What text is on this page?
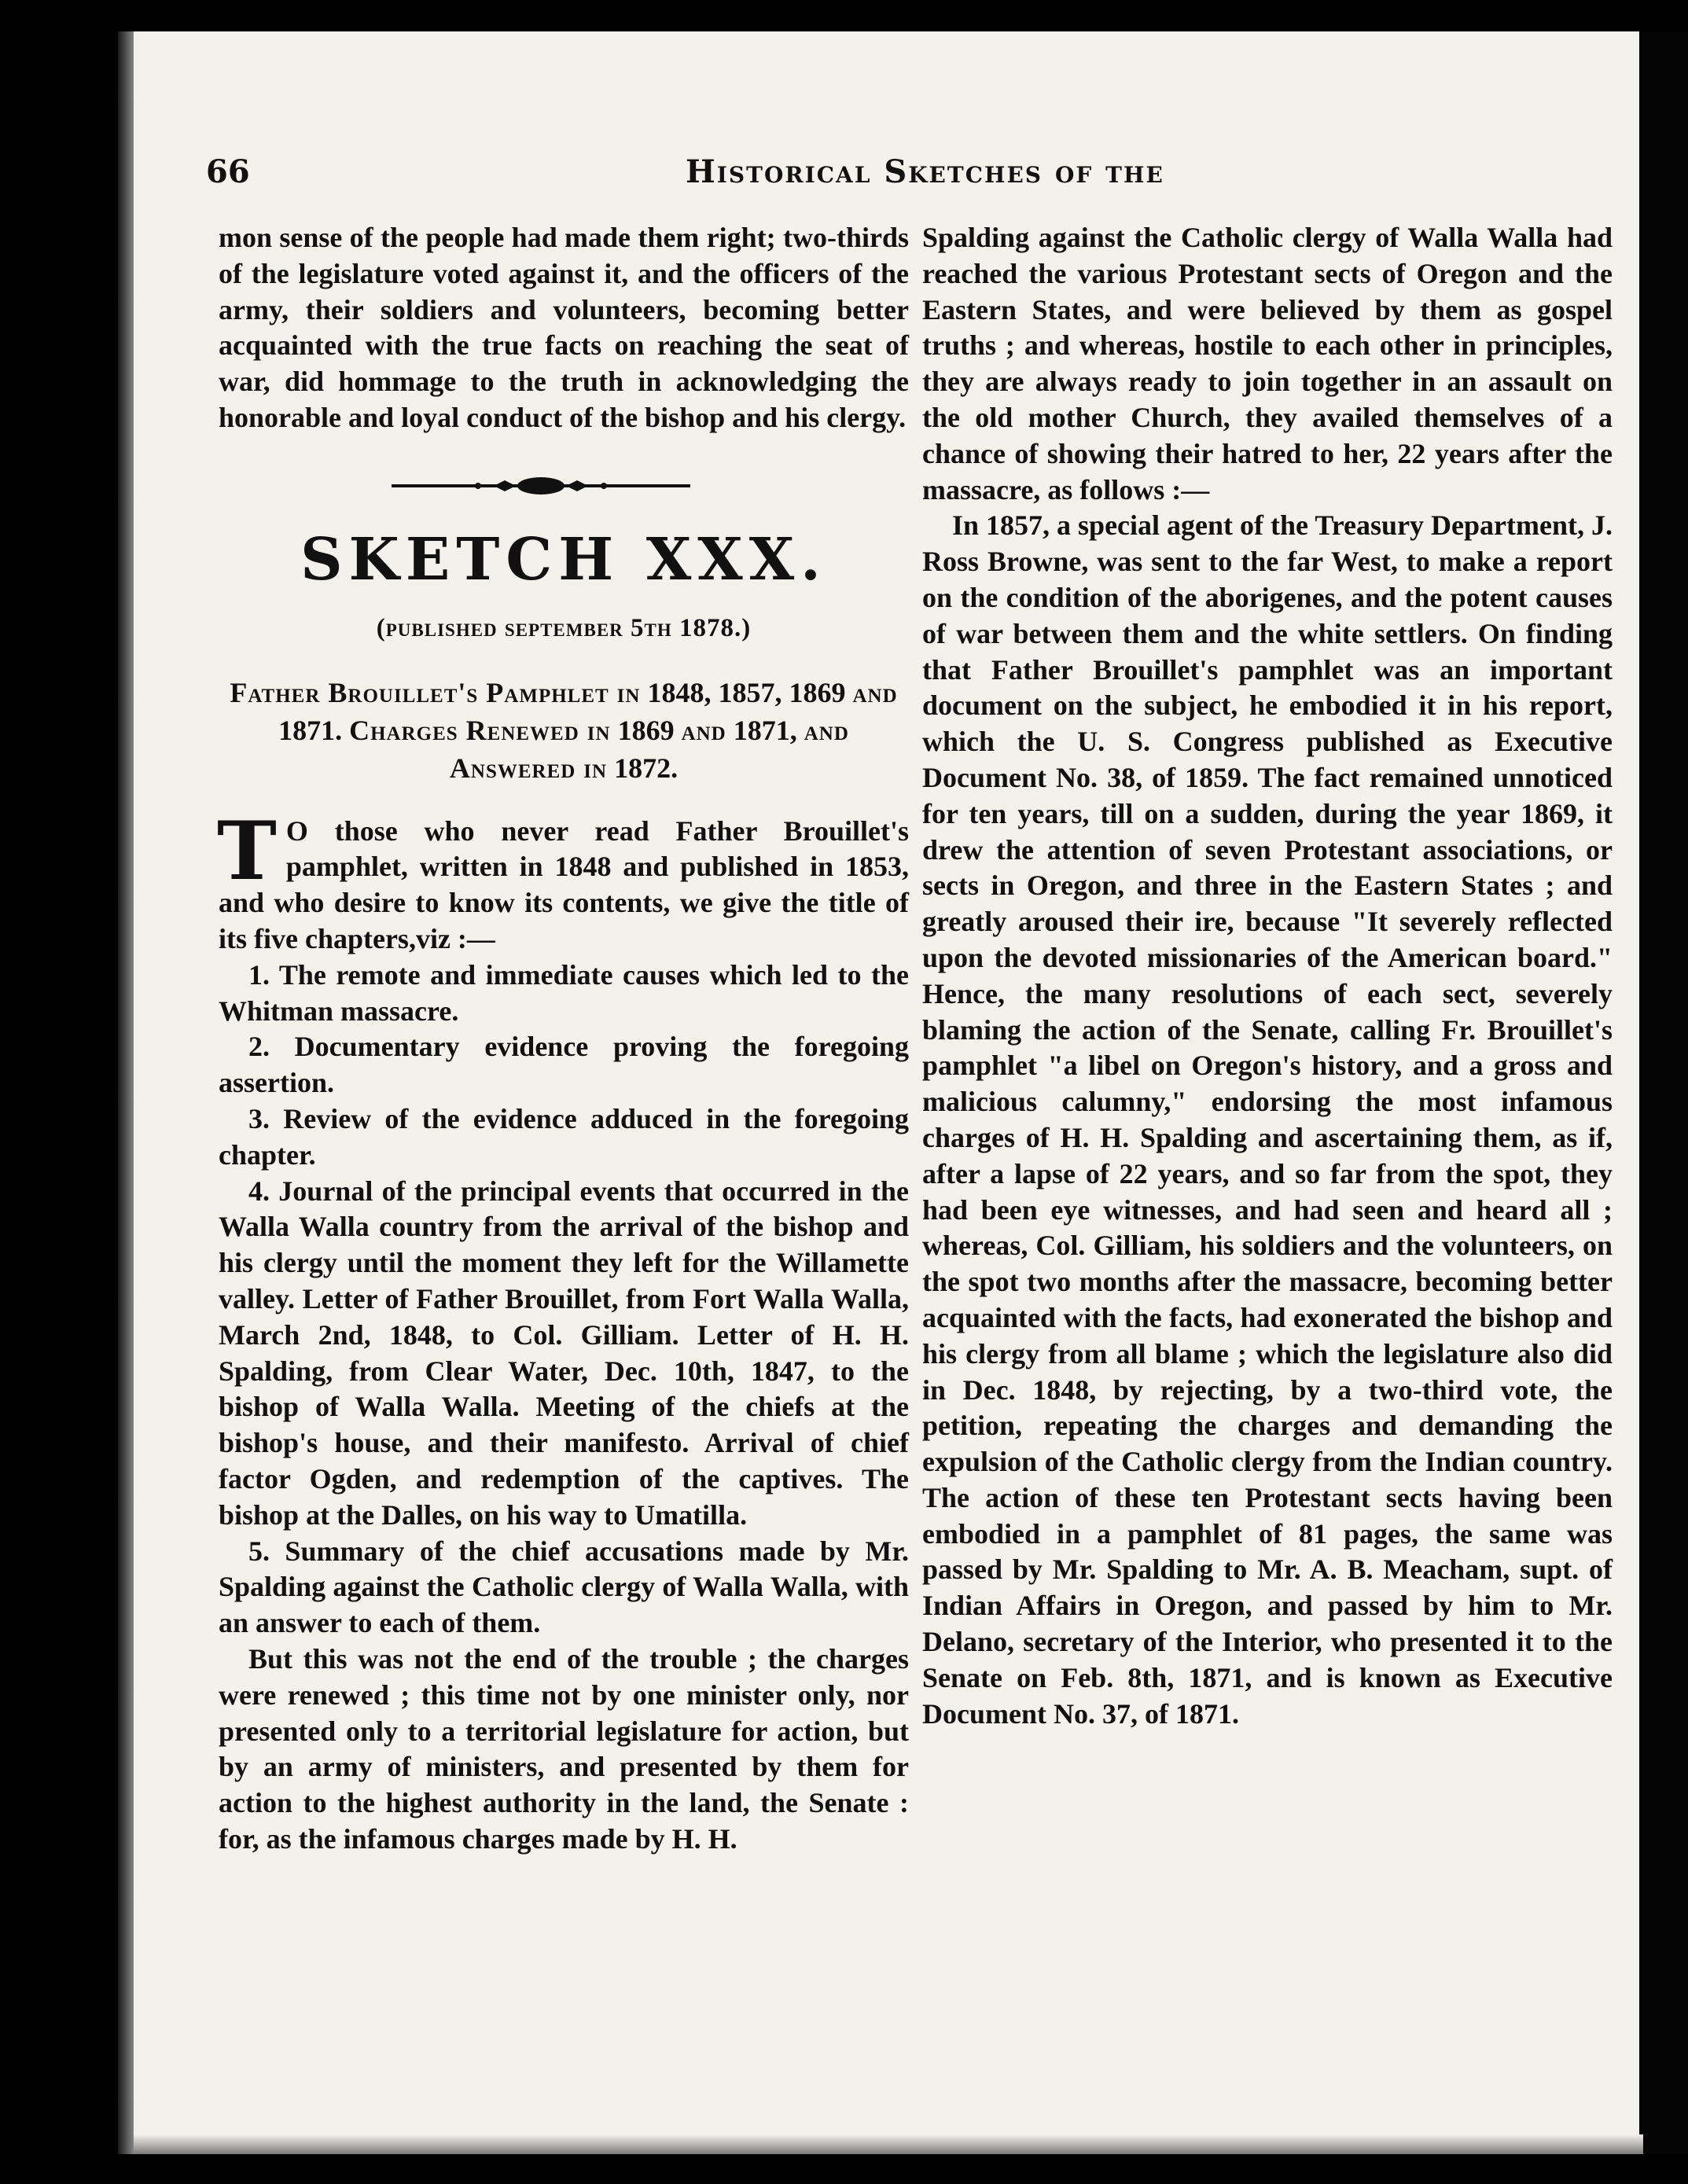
66	Historical Sketches of the

mon sense of the people had made them right; two-thirds of the legislature voted against it, and the officers of the army, their soldiers and volunteers, becoming better acquainted with the true facts on reaching the seat of war, did hommage to the truth in acknowledging the honorable and loyal conduct of the bishop and his clergy.

SKETCH XXX.
(published september 5th 1878.)
Father Brouillet's Pamphlet in 1848, 1857, 1869 and 1871. Charges Renewed in 1869 and 1871, and Answered in 1872.

T O those who never read Father Brouillet's pamphlet, written in 1848 and published in 1853, and who desire to know its contents, we give the title of its five chapters,viz :—

1. The remote and immediate causes which led to the Whitman massacre.

2. Documentary evidence proving the foregoing assertion.

3. Review of the evidence adduced in the foregoing chapter.

4. Journal of the principal events that occurred in the Walla Walla country from the arrival of the bishop and his clergy until the moment they left for the Willamette valley. Letter of Father Brouillet, from Fort Walla Walla, March 2nd, 1848, to Col. Gilliam. Letter of H. H. Spalding, from Clear Water, Dec. 10th, 1847, to the bishop of Walla Walla. Meeting of the chiefs at the bishop's house, and their manifesto. Arrival of chief factor Ogden, and redemption of the captives. The bishop at the Dalles, on his way to Umatilla.

5. Summary of the chief accusations made by Mr. Spalding against the Catholic clergy of Walla Walla, with an answer to each of them.

But this was not the end of the trouble ; the charges were renewed ; this time not by one minister only, nor presented only to a territorial legislature for action, but by an army of ministers, and presented by them for action to the highest authority in the land, the Senate : for, as the infamous charges made by H. H.

Spalding against the Catholic clergy of Walla Walla had reached the various Protestant sects of Oregon and the Eastern States, and were believed by them as gospel truths ; and whereas, hostile to each other in principles, they are always ready to join together in an assault on the old mother Church, they availed themselves of a chance of showing their hatred to her, 22 years after the massacre, as follows :—

In 1857, a special agent of the Treasury Department, J. Ross Browne, was sent to the far West, to make a report on the condition of the aborigenes, and the potent causes of war between them and the white settlers. On finding that Father Brouillet's pamphlet was an important document on the subject, he embodied it in his report, which the U. S. Congress published as Executive Document No. 38, of 1859. The fact remained unnoticed for ten years, till on a sudden, during the year 1869, it drew the attention of seven Protestant associations, or sects in Oregon, and three in the Eastern States ; and greatly aroused their ire, because "It severely reflected upon the devoted missionaries of the American board." Hence, the many resolutions of each sect, severely blaming the action of the Senate, calling Fr. Brouillet's pamphlet "a libel on Oregon's history, and a gross and malicious calumny," endorsing the most infamous charges of H. H. Spalding and ascertaining them, as if, after a lapse of 22 years, and so far from the spot, they had been eye witnesses, and had seen and heard all ; whereas, Col. Gilliam, his soldiers and the volunteers, on the spot two months after the massacre, becoming better acquainted with the facts, had exonerated the bishop and his clergy from all blame ; which the legislature also did in Dec. 1848, by rejecting, by a two-third vote, the petition, repeating the charges and demanding the expulsion of the Catholic clergy from the Indian country. The action of these ten Protestant sects having been embodied in a pamphlet of 81 pages, the same was passed by Mr. Spalding to Mr. A. B. Meacham, supt. of Indian Affairs in Oregon, and passed by him to Mr. Delano, secretary of the Interior, who presented it to the Senate on Feb. 8th, 1871, and is known as Executive Document No. 37, of 1871.
